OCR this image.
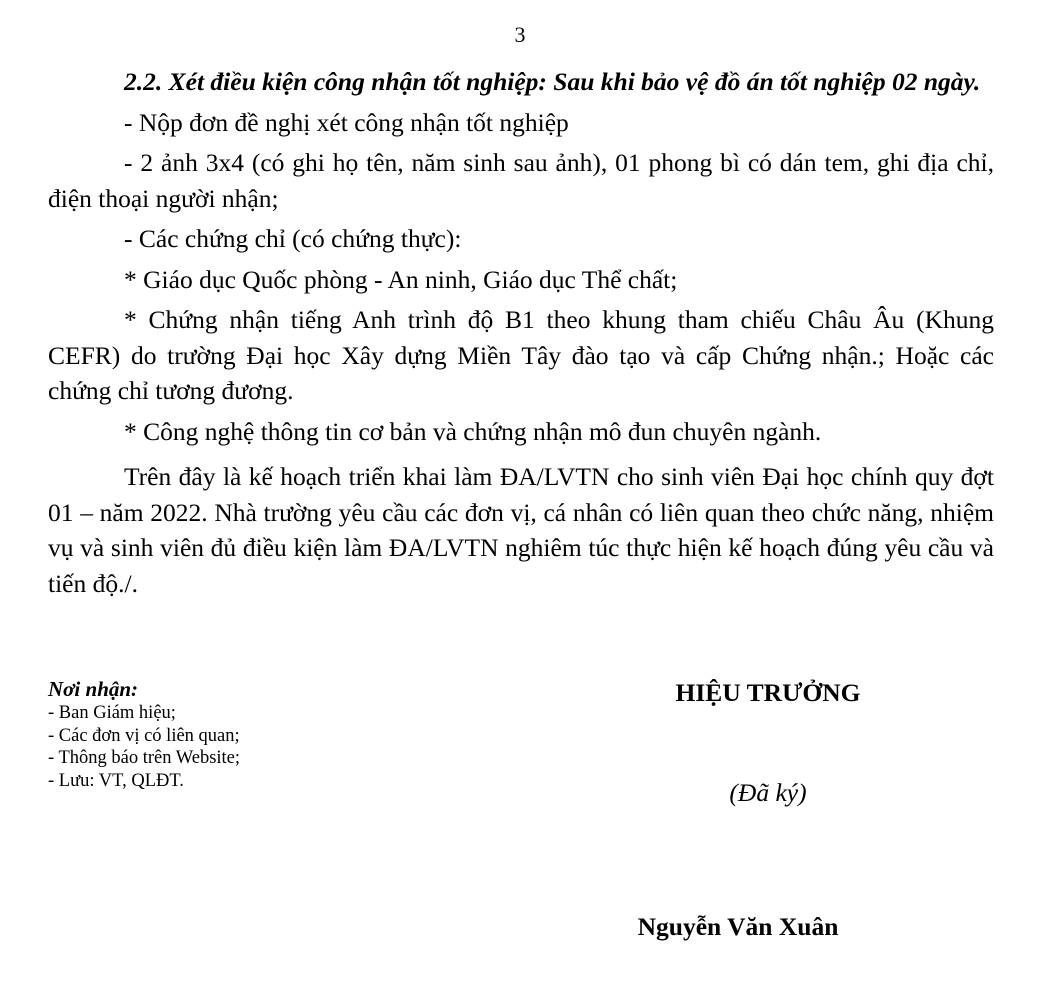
3

2.2. Xét điều kiện công nhận tốt nghiệp: Sau khi bảo vệ đồ án tốt nghiệp 02 ngày.

- Nộp đơn đề nghị xét công nhận tốt nghiệp

- 2 ảnh 3x4 (có ghi họ tên, năm sinh sau ảnh), 01 phong bì có dán tem, ghi địa chỉ, điện thoại người nhận;

- Các chứng chỉ (có chứng thực):

* Giáo dục Quốc phòng - An ninh, Giáo dục Thể chất;

* Chứng nhận tiếng Anh trình độ B1 theo khung tham chiếu Châu Âu (Khung CEFR) do trường Đại học Xây dựng Miền Tây đào tạo và cấp Chứng nhận.; Hoặc các chứng chỉ tương đương.

* Công nghệ thông tin cơ bản và chứng nhận mô đun chuyên ngành.

Trên đây là kế hoạch triển khai làm ĐA/LVTN cho sinh viên Đại học chính quy đợt 01 – năm 2022. Nhà trường yêu cầu các đơn vị, cá nhân có liên quan theo chức năng, nhiệm vụ và sinh viên đủ điều kiện làm ĐA/LVTN nghiêm túc thực hiện kế hoạch đúng yêu cầu và tiến độ./.

Nơi nhận:
- Ban Giám hiệu;
- Các đơn vị có liên quan;
- Thông báo trên Website;
- Lưu: VT, QLĐT.
HIỆU TRƯỞNG
(Đã ký)
Nguyễn Văn Xuân
